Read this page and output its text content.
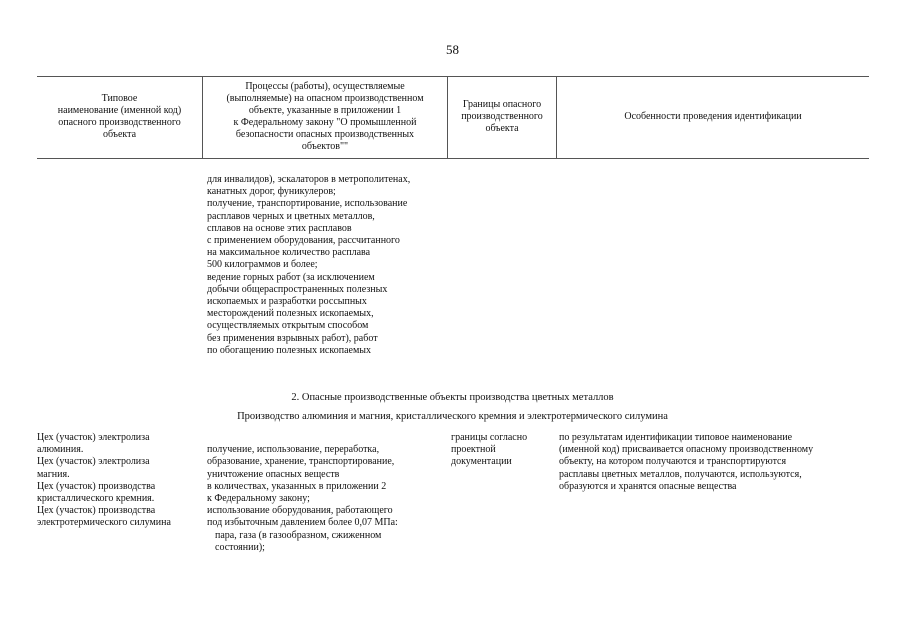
58
Типовое
наименование (именной код)
опасного производственного
объекта
Процессы (работы), осуществляемые
(выполняемые) на опасном производственном
объекте, указанные в приложении 1
к Федеральному закону "О промышленной
безопасности опасных производственных
объектов""
Границы опасного
производственного
объекта
Особенности проведения идентификации
для инвалидов), эскалаторов в метрополитенах,
канатных дорог, фуникулеров;
получение, транспортирование, использование
расплавов черных и цветных металлов,
сплавов на основе этих расплавов
с применением оборудования, рассчитанного
на максимальное количество расплава
500 килограммов и более;
ведение горных работ (за исключением
добычи общераспространенных полезных
ископаемых и разработки россыпных
месторождений полезных ископаемых,
осуществляемых открытым способом
без применения взрывных работ), работ
по обогащению полезных ископаемых
2. Опасные производственные объекты производства цветных металлов
Производство алюминия и магния, кристаллического кремния и электротермического силумина
Цех (участок) электролиза
алюминия.
Цех (участок) электролиза
магния.
Цех (участок) производства
кристаллического кремния.
Цех (участок) производства
электротермического силумина

получение, использование, переработка,
образование, хранение, транспортирование,
уничтожение опасных веществ
в количествах, указанных в приложении 2
к Федеральному закону;
использование оборудования, работающего
под избыточным давлением более 0,07 МПа:

пара, газа (в газообразном, сжиженном
состоянии);

границы согласно
проектной
документации
по результатам идентификации типовое наименование
(именной код) присваивается опасному производственному
объекту, на котором получаются и транспортируются
расплавы цветных металлов, получаются, используются,
образуются и хранятся опасные вещества
